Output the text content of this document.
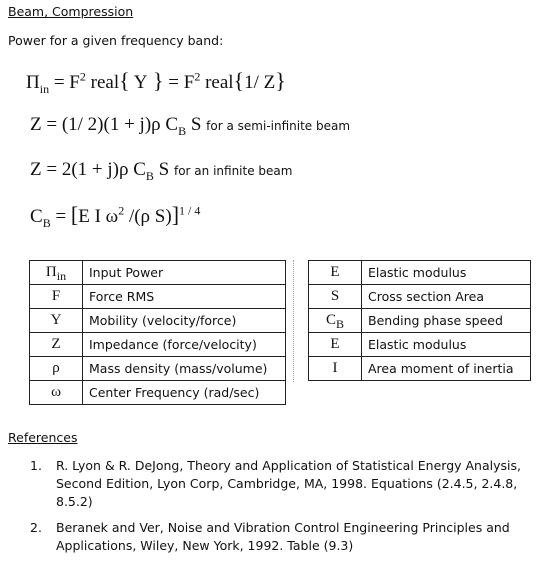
Beam, Compression
Power for a given frequency band:
$\Pi_{in} = F^2$ real{ Y } = $F^2$ real{1/ Z}
Z = (1/ 2)(1 + j)ρ $C_B$ S for a semi-infinite beam
Z = 2(1 + j)ρ $C_B$ S for an infinite beam
$C_B = [E$ I $\omega^2$ /(ρ S)]$^{1 / 4}$
$\Pi_{in}$	Input Power
F	Force RMS
Y	Mobility (velocity/force)
Z	Impedance (force/velocity)
ρ	Mass density (mass/volume)
ω	Center Frequency (rad/sec)
E	Elastic modulus
S	Cross section Area
$C_B$	Bending phase speed
E	Elastic modulus
I	Area moment of inertia
References
1. R. Lyon & R. DeJong, Theory and Application of Statistical Energy Analysis, Second Edition, Lyon Corp, Cambridge, MA, 1998. Equations (2.4.5, 2.4.8, 8.5.2)
2. Beranek and Ver, Noise and Vibration Control Engineering Principles and Applications, Wiley, New York, 1992. Table (9.3)
